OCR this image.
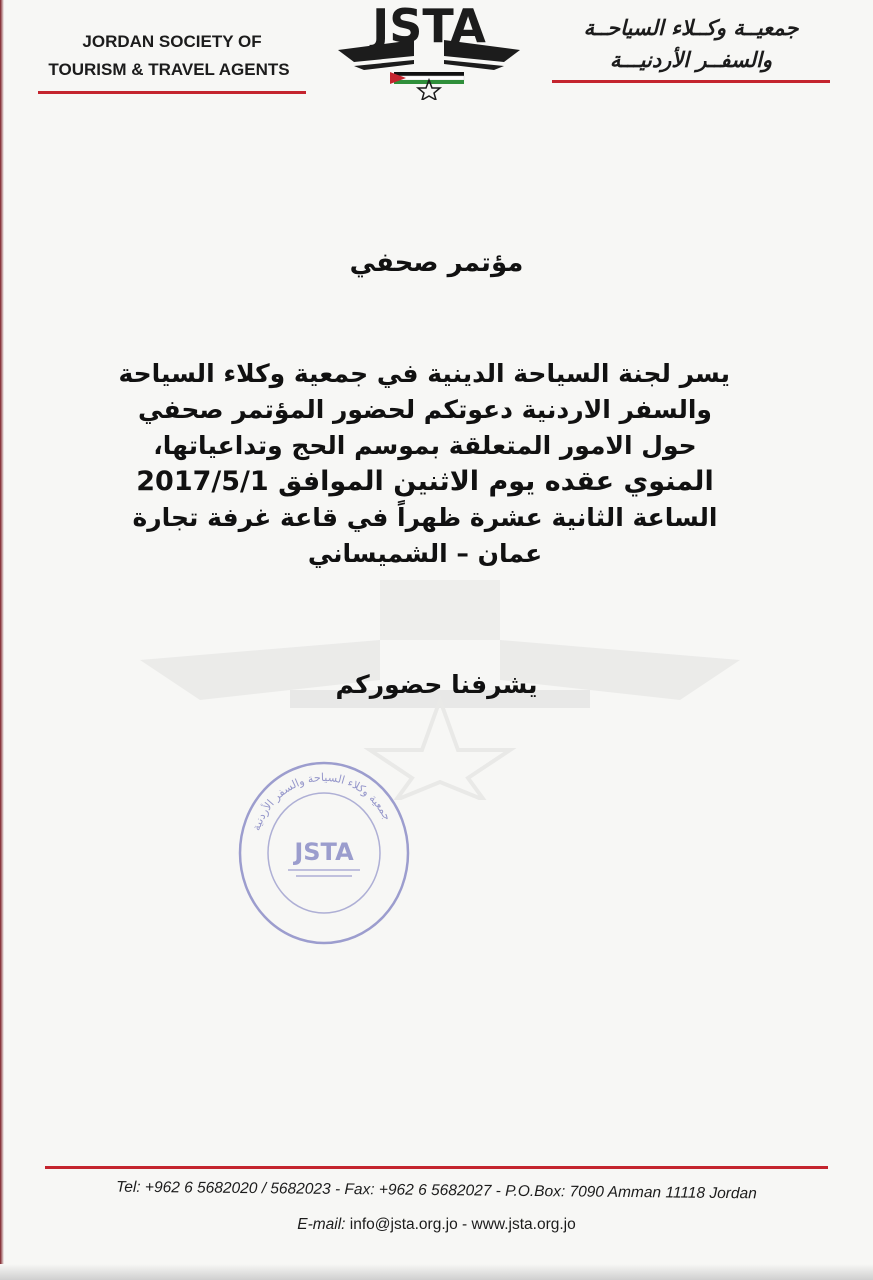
JORDAN SOCIETY OF
TOURISM & TRAVEL AGENTS
JSTA	جمعيــة وكــلاء السياحــة
والسفــر الأردنيـــة
مؤتمر صحفي
يسر لجنة السياحة الدينية في جمعية وكلاء السياحة
والسفر الاردنية دعوتكم لحضور المؤتمر صحفي
حول الامور المتعلقة بموسم الحج وتداعياتها،
المنوي عقده يوم الاثنين الموافق 2017/5/1
الساعة الثانية عشرة ظهراً في قاعة غرفة تجارة
عمان – الشميساني
يشرفنا حضوركم
جمعية وكلاء السياحة والسفر الأردنية
JSTA
Tel: +962 6 5682020 / 5682023 - Fax: +962 6 5682027 - P.O.Box: 7090 Amman 11118 Jordan
E-mail: info@jsta.org.jo - www.jsta.org.jo
